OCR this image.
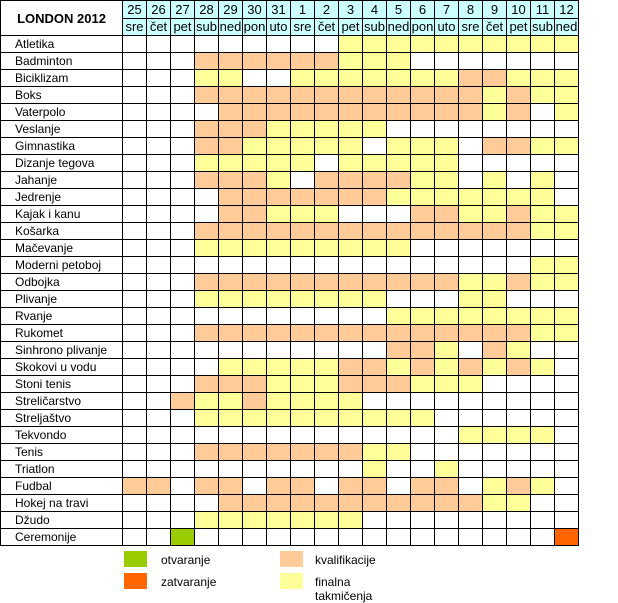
LONDON 2012	25	26	27	28	29	30	31	1	2	3	4	5	6	7	8	9	10	11	12
	sre	čet	pet	sub	ned	pon	uto	sre	čet	pet	sub	ned	pon	uto	sre	čet	pet	sub	ned
Atletika																			
Badminton																			
Biciklizam																			
Boks																			
Vaterpolo																			
Veslanje																			
Gimnastika																			
Dizanje tegova																			
Jahanje																			
Jedrenje																			
Kajak i kanu																			
Košarka																			
Mačevanje																			
Moderni petoboj																			
Odbojka																			
Plivanje																			
Rvanje																			
Rukomet																			
Sinhrono plivanje																			
Skokovi u vodu																			
Stoni tenis																			
Streličarstvo																			
Streljaštvo																			
Tekvondo																			
Tenis																			
Triatlon																			
Fudbal																			
Hokej na travi																			
Džudo																			
Ceremonije																			
otvaranje
zatvaranje
kvalifikacije
finalna takmičenja
